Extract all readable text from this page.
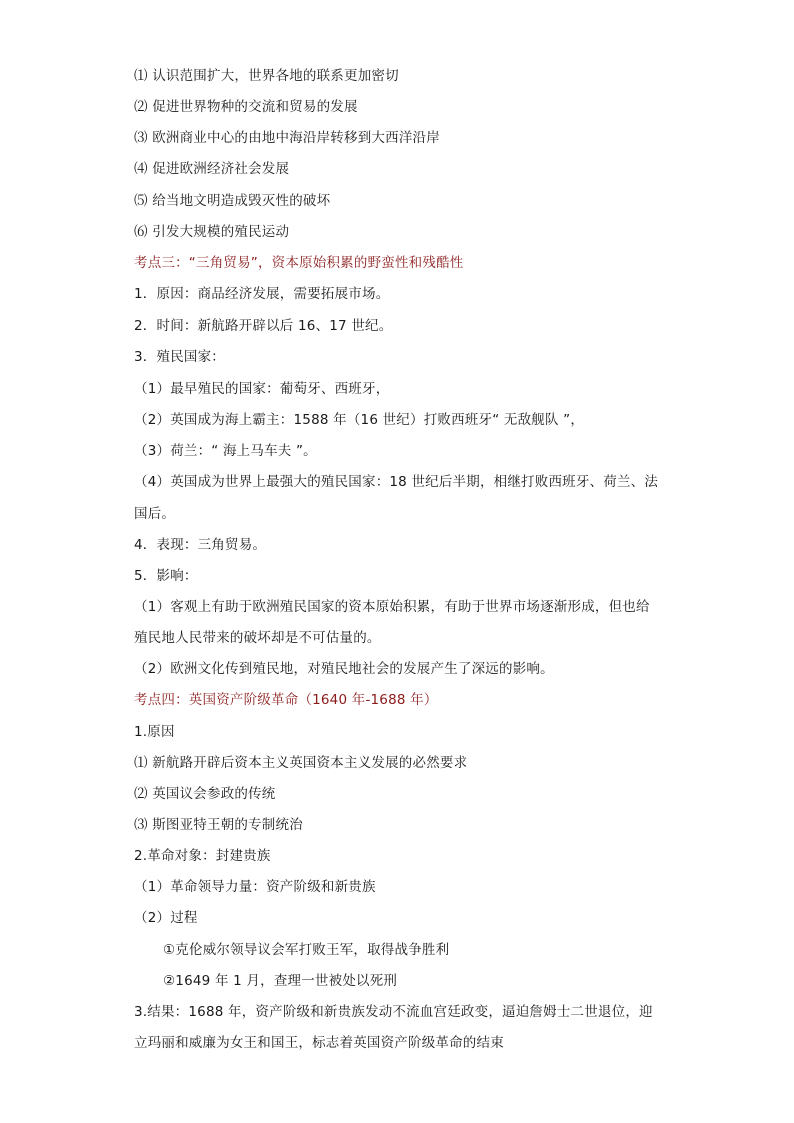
⑴ 认识范围扩大，世界各地的联系更加密切
⑵ 促进世界物种的交流和贸易的发展
⑶ 欧洲商业中心的由地中海沿岸转移到大西洋沿岸
⑷ 促进欧洲经济社会发展
⑸ 给当地文明造成毁灭性的破坏
⑹ 引发大规模的殖民运动
考点三：“三角贸易”，资本原始积累的野蛮性和残酷性
1．原因：商品经济发展，需要拓展市场。
2．时间：新航路开辟以后 16、17 世纪。
3．殖民国家：
（1）最早殖民的国家：葡萄牙、西班牙，
（2）英国成为海上霸主：1588 年（16 世纪）打败西班牙“ 无敌舰队 ”，
（3）荷兰：“ 海上马车夫 ”。
（4）英国成为世界上最强大的殖民国家：18 世纪后半期，相继打败西班牙、荷兰、法
国后。
4．表现：三角贸易。
5．影响：
（1）客观上有助于欧洲殖民国家的资本原始积累，有助于世界市场逐渐形成，但也给
殖民地人民带来的破坏却是不可估量的。
（2）欧洲文化传到殖民地，对殖民地社会的发展产生了深远的影响。
考点四：英国资产阶级革命（1640 年-1688 年）
1.原因
⑴ 新航路开辟后资本主义英国资本主义发展的必然要求
⑵ 英国议会参政的传统
⑶ 斯图亚特王朝的专制统治
2.革命对象：封建贵族
（1）革命领导力量：资产阶级和新贵族
（2）过程
①克伦威尔领导议会军打败王军，取得战争胜利
②1649 年 1 月，查理一世被处以死刑
3.结果：1688 年，资产阶级和新贵族发动不流血宫廷政变，逼迫詹姆士二世退位，迎
立玛丽和威廉为女王和国王，标志着英国资产阶级革命的结束
